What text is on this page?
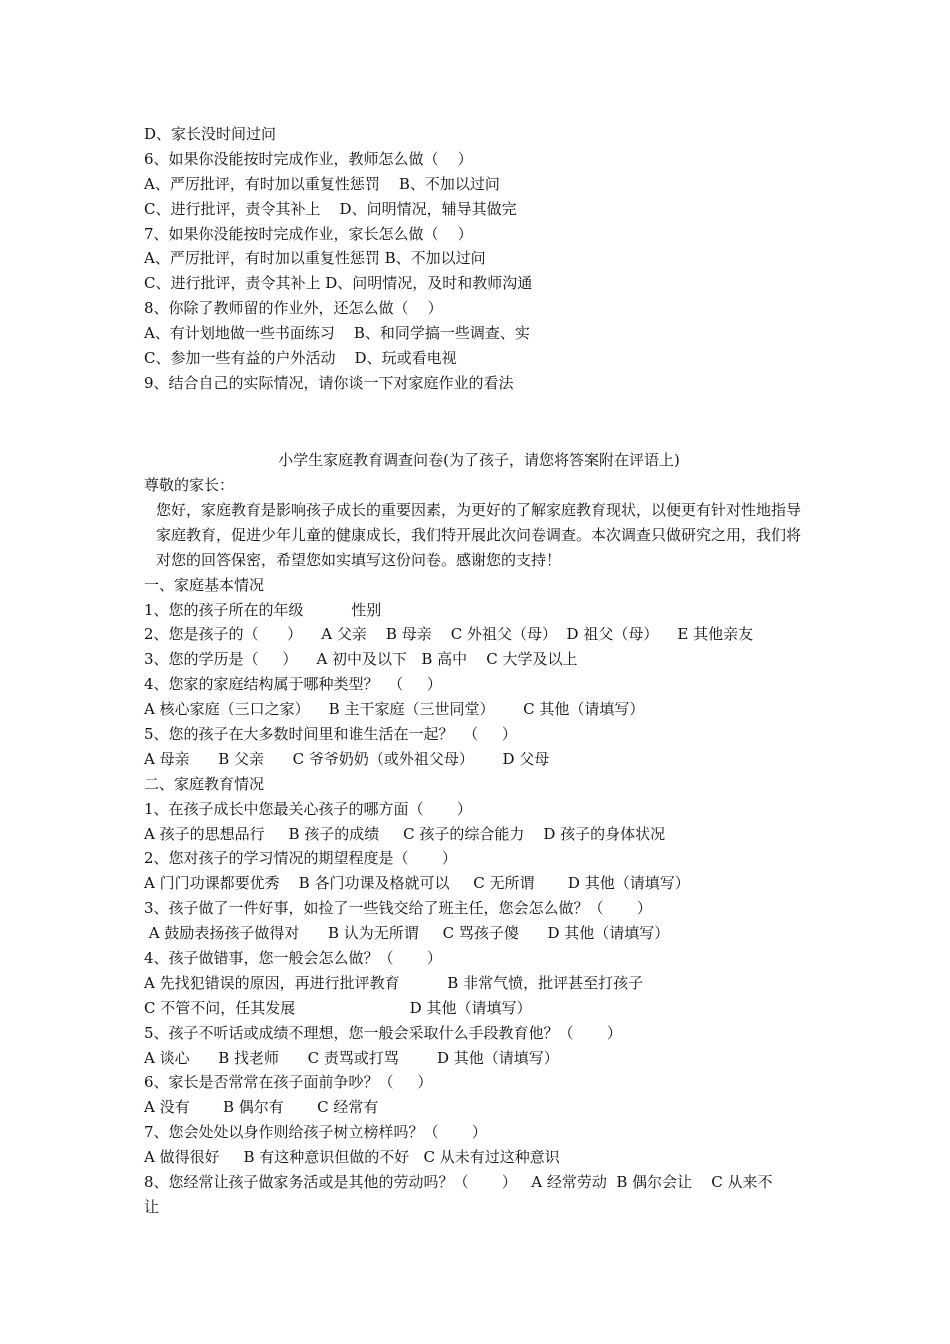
D、家长没时间过问
6、如果你没能按时完成作业，教师怎么做（    ）
A、严厉批评，有时加以重复性惩罚    B、不加以过问
C、进行批评，责令其补上    D、问明情况，辅导其做完
7、如果你没能按时完成作业，家长怎么做（    ）
A、严厉批评，有时加以重复性惩罚 B、不加以过问
C、进行批评，责令其补上 D、问明情况，及时和教师沟通
8、你除了教师留的作业外，还怎么做（    ）
A、有计划地做一些书面练习    B、和同学搞一些调查、实
C、参加一些有益的户外活动    D、玩或看电视
9、结合自己的实际情况，请你谈一下对家庭作业的看法
小学生家庭教育调查问卷(为了孩子，请您将答案附在评语上)
尊敬的家长：
您好，家庭教育是影响孩子成长的重要因素，为更好的了解家庭教育现状，以便更有针对性地指导家庭教育，促进少年儿童的健康成长，我们特开展此次问卷调查。本次调查只做研究之用，我们将对您的回答保密，希望您如实填写这份问卷。感谢您的支持！
一、家庭基本情况
1、您的孩子所在的年级          性别
2、您是孩子的（      ）    A 父亲    B 母亲    C 外祖父（母）  D 祖父（母）    E 其他亲友
3、您的学历是（     ）    A 初中及以下   B 高中    C 大学及以上
4、您家的家庭结构属于哪种类型？  （     ）
A 核心家庭（三口之家）    B 主干家庭（三世同堂）      C 其他（请填写）
5、您的孩子在大多数时间里和谁生活在一起？  （     ）
A 母亲      B 父亲      C 爷爷奶奶（或外祖父母）      D 父母
二、家庭教育情况
1、在孩子成长中您最关心孩子的哪方面（       ）
A 孩子的思想品行     B 孩子的成绩     C 孩子的综合能力    D 孩子的身体状况
2、您对孩子的学习情况的期望程度是（       ）
A 门门功课都要优秀    B 各门功课及格就可以     C 无所谓       D 其他（请填写）
3、孩子做了一件好事，如捡了一些钱交给了班主任，您会怎么做？（       ）
A 鼓励表扬孩子做得对      B 认为无所谓     C 骂孩子傻      D 其他（请填写）
4、孩子做错事，您一般会怎么做？（       ）
A 先找犯错误的原因，再进行批评教育          B 非常气愤，批评甚至打孩子
C 不管不问，任其发展                        D 其他（请填写）
5、孩子不听话或成绩不理想，您一般会采取什么手段教育他？（       ）
A 谈心      B 找老师      C 责骂或打骂        D 其他（请填写）
6、家长是否常常在孩子面前争吵？（     ）
A 没有       B 偶尔有       C 经常有
7、您会处处以身作则给孩子树立榜样吗？（       ）
A 做得很好     B 有这种意识但做的不好   C 从未有过这种意识
8、您经常让孩子做家务活或是其他的劳动吗？（       ）   A 经常劳动  B 偶尔会让    C 从来不
让
